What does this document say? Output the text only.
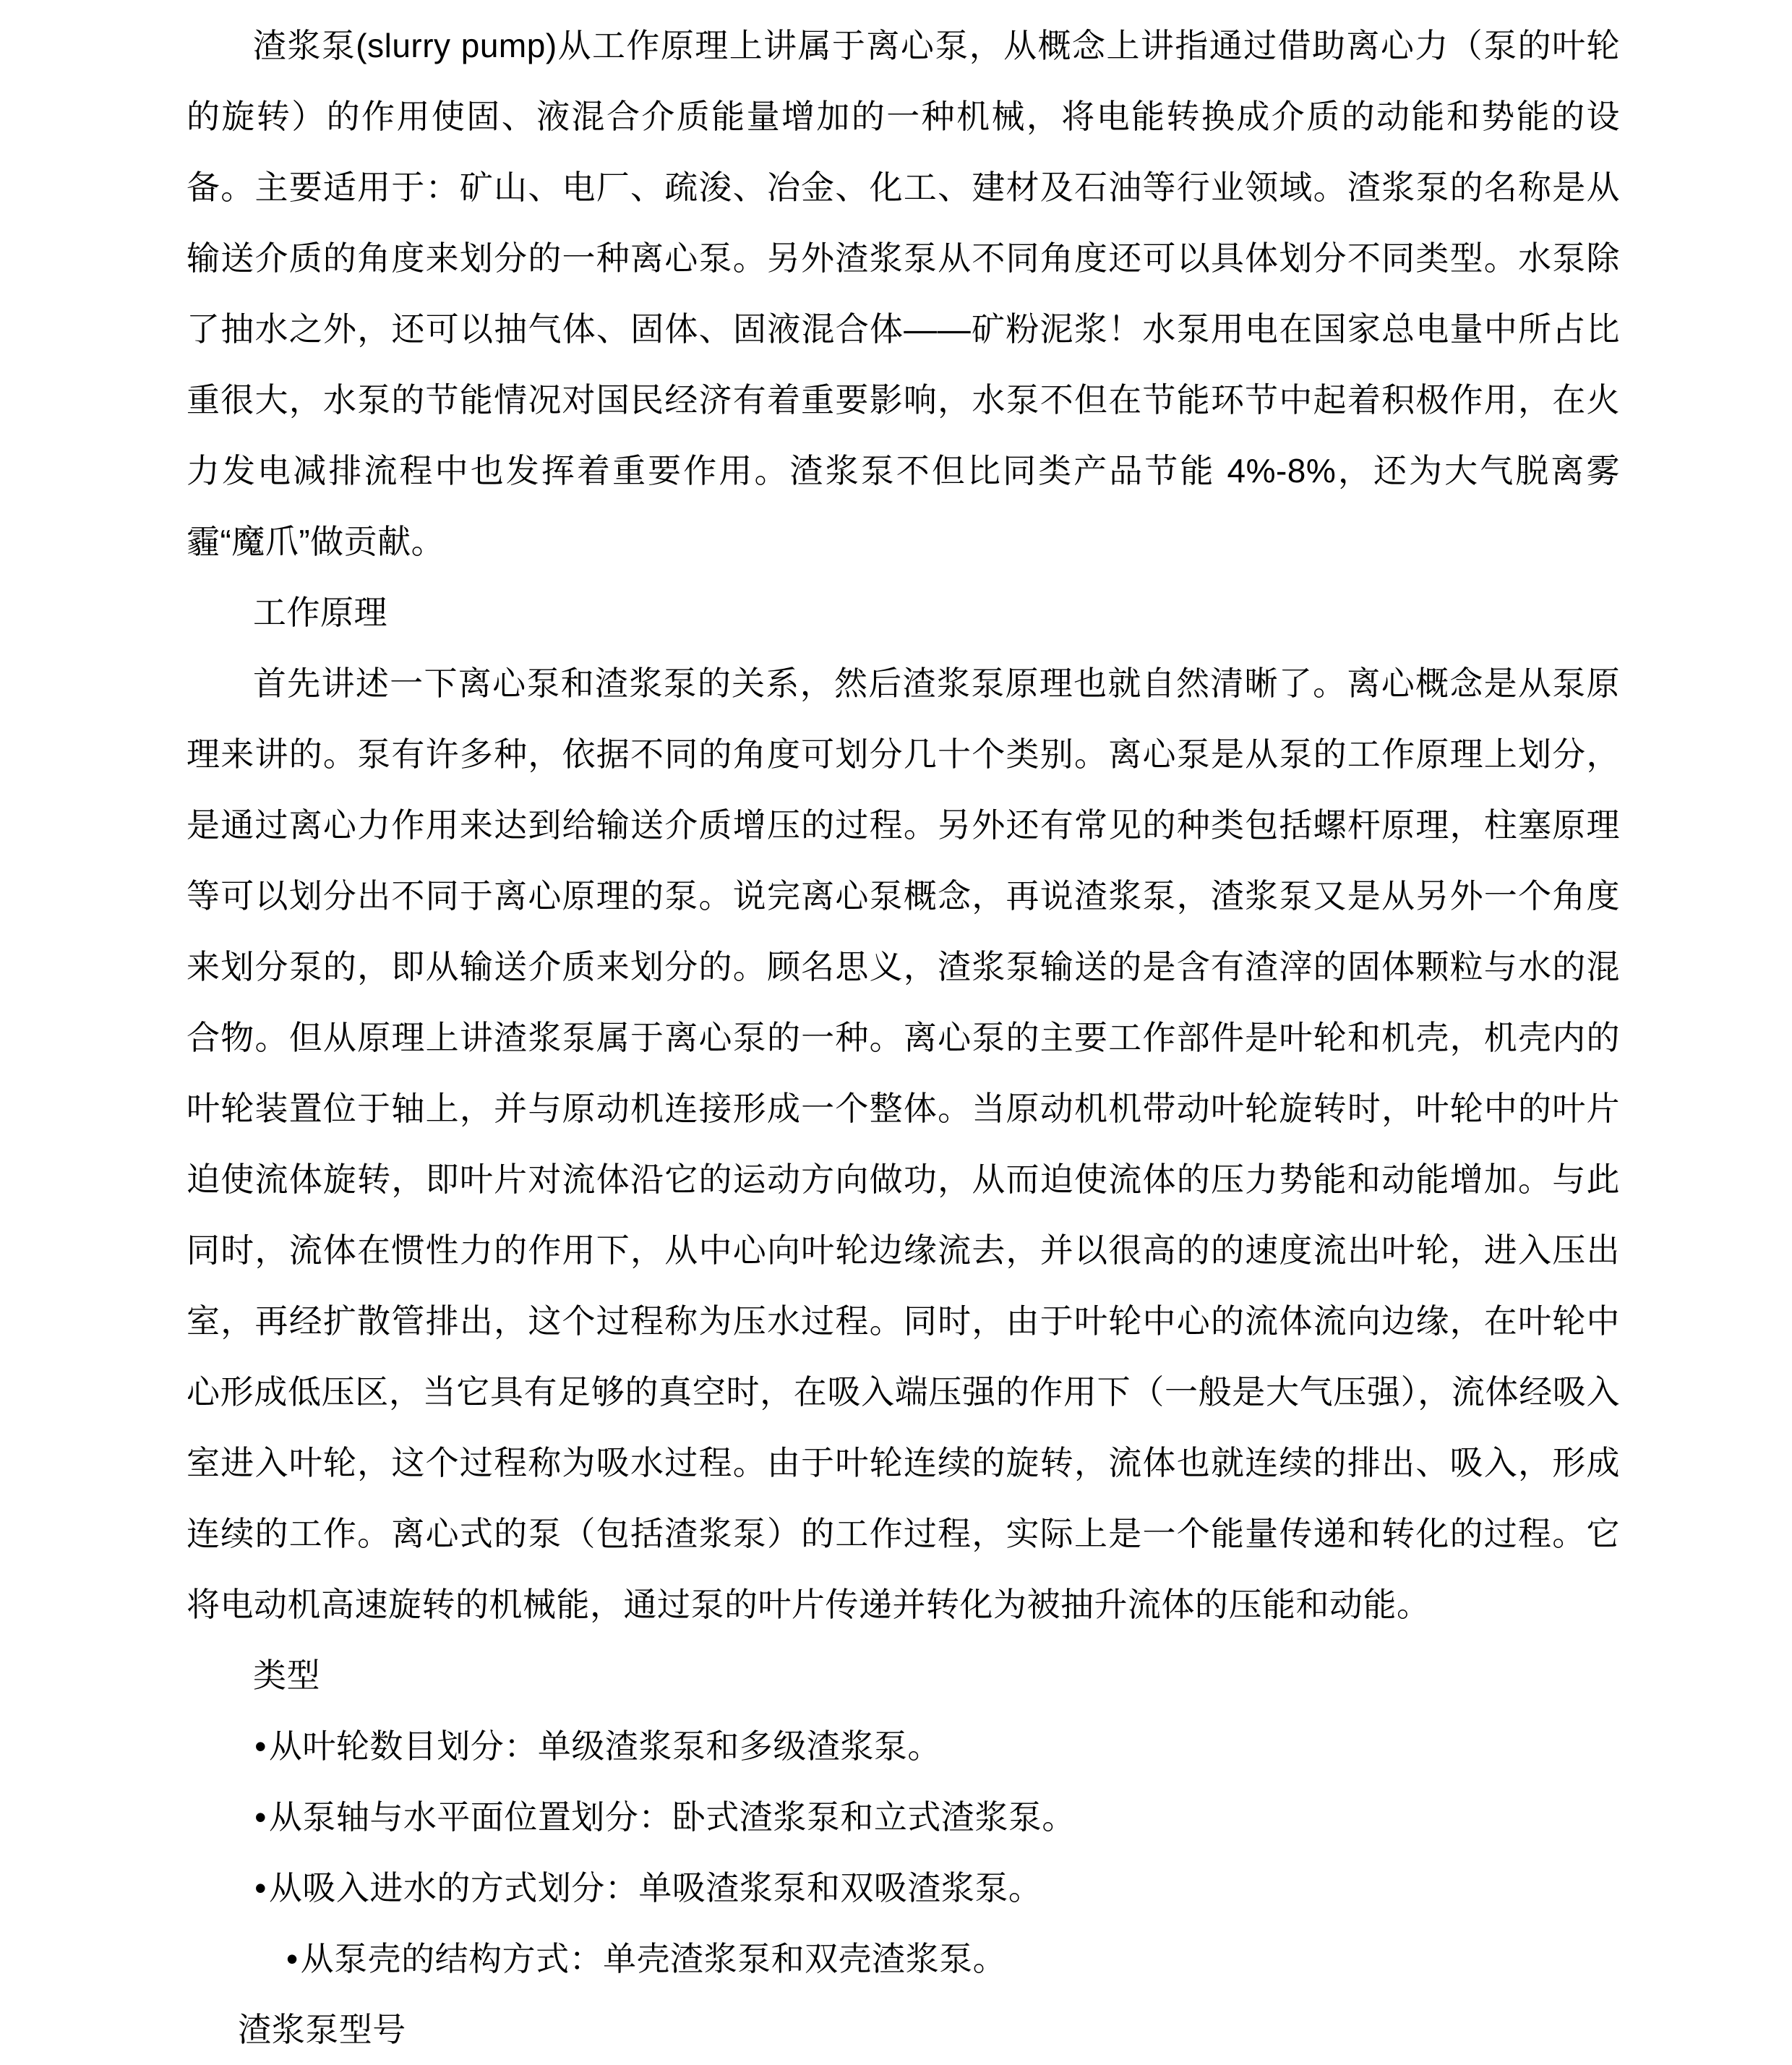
渣浆泵(slurry pump)从工作原理上讲属于离心泵，从概念上讲指通过借助离心力（泵的叶轮的旋转）的作用使固、液混合介质能量增加的一种机械，将电能转换成介质的动能和势能的设备。主要适用于：矿山、电厂、疏浚、冶金、化工、建材及石油等行业领域。渣浆泵的名称是从输送介质的角度来划分的一种离心泵。另外渣浆泵从不同角度还可以具体划分不同类型。水泵除了抽水之外，还可以抽气体、固体、固液混合体——矿粉泥浆！水泵用电在国家总电量中所占比重很大，水泵的节能情况对国民经济有着重要影响，水泵不但在节能环节中起着积极作用，在火力发电减排流程中也发挥着重要作用。渣浆泵不但比同类产品节能 4%-8%，还为大气脱离雾霾“魔爪”做贡献。
工作原理
首先讲述一下离心泵和渣浆泵的关系，然后渣浆泵原理也就自然清晰了。离心概念是从泵原理来讲的。泵有许多种，依据不同的角度可划分几十个类别。离心泵是从泵的工作原理上划分，是通过离心力作用来达到给输送介质增压的过程。另外还有常见的种类包括螺杆原理，柱塞原理等可以划分出不同于离心原理的泵。说完离心泵概念，再说渣浆泵，渣浆泵又是从另外一个角度来划分泵的，即从输送介质来划分的。顾名思义，渣浆泵输送的是含有渣滓的固体颗粒与水的混合物。但从原理上讲渣浆泵属于离心泵的一种。离心泵的主要工作部件是叶轮和机壳，机壳内的叶轮装置位于轴上，并与原动机连接形成一个整体。当原动机机带动叶轮旋转时，叶轮中的叶片迫使流体旋转，即叶片对流体沿它的运动方向做功，从而迫使流体的压力势能和动能增加。与此同时，流体在惯性力的作用下，从中心向叶轮边缘流去，并以很高的的速度流出叶轮，进入压出室，再经扩散管排出，这个过程称为压水过程。同时，由于叶轮中心的流体流向边缘，在叶轮中心形成低压区，当它具有足够的真空时，在吸入端压强的作用下（一般是大气压强），流体经吸入室进入叶轮，这个过程称为吸水过程。由于叶轮连续的旋转，流体也就连续的排出、吸入，形成连续的工作。离心式的泵（包括渣浆泵）的工作过程，实际上是一个能量传递和转化的过程。它将电动机高速旋转的机械能，通过泵的叶片传递并转化为被抽升流体的压能和动能。
类型
•从叶轮数目划分：单级渣浆泵和多级渣浆泵。
•从泵轴与水平面位置划分：卧式渣浆泵和立式渣浆泵。
•从吸入进水的方式划分：单吸渣浆泵和双吸渣浆泵。
•从泵壳的结构方式：单壳渣浆泵和双壳渣浆泵。
渣浆泵型号
